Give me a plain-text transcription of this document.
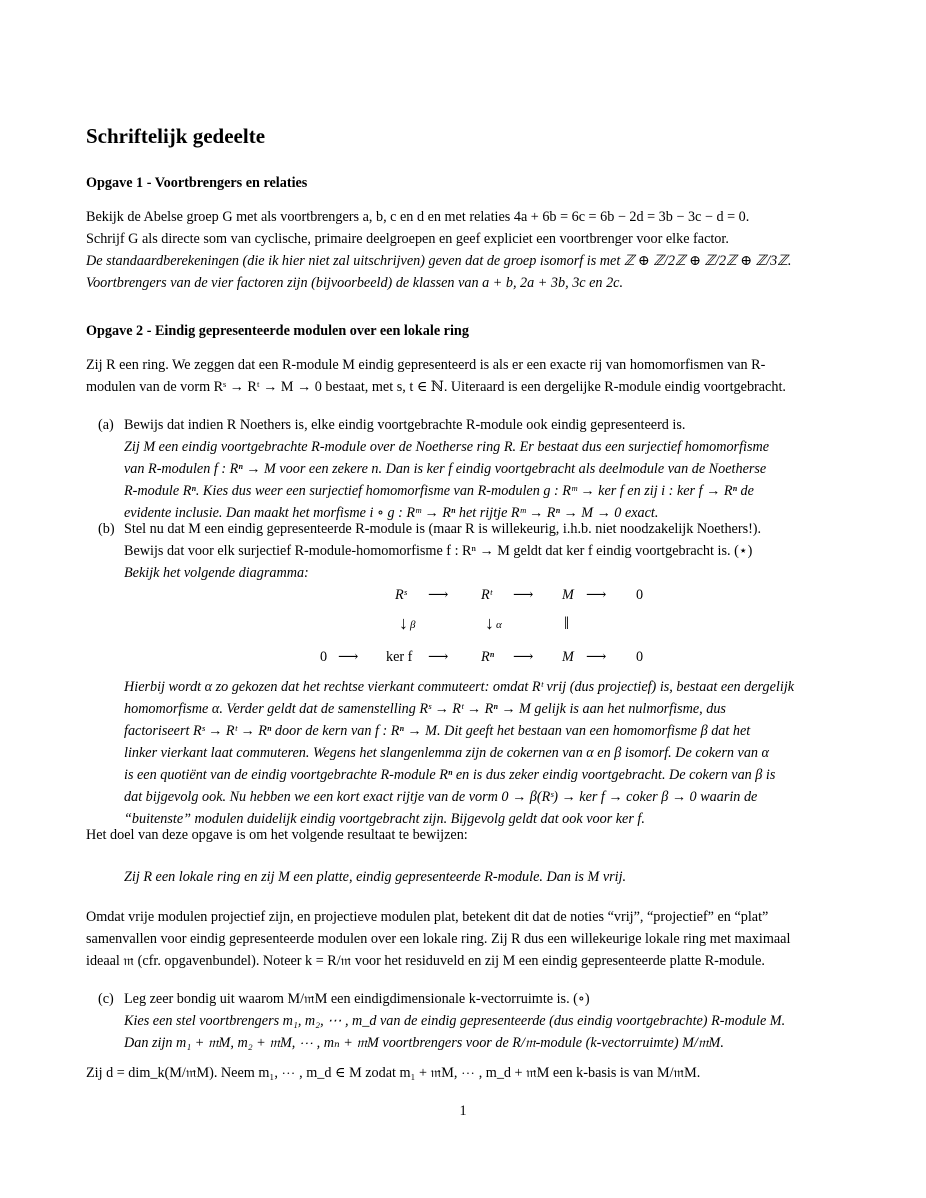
Schriftelijk gedeelte
Opgave 1 - Voortbrengers en relaties
Bekijk de Abelse groep G met als voortbrengers a, b, c en d en met relaties 4a + 6b = 6c = 6b − 2d = 3b − 3c − d = 0.
Schrijf G als directe som van cyclische, primaire deelgroepen en geef expliciet een voortbrenger voor elke factor.
De standaardberekeningen (die ik hier niet zal uitschrijven) geven dat de groep isomorf is met ℤ ⊕ ℤ/2ℤ ⊕ ℤ/2ℤ ⊕ ℤ/3ℤ.
Voortbrengers van de vier factoren zijn (bijvoorbeeld) de klassen van a + b, 2a + 3b, 3c en 2c.
Opgave 2 - Eindig gepresenteerde modulen over een lokale ring
Zij R een ring. We zeggen dat een R-module M eindig gepresenteerd is als er een exacte rij van homomorfismen van R-
modulen van de vorm Rˢ → Rᵗ → M → 0 bestaat, met s, t ∈ ℕ. Uiteraard is een dergelijke R-module eindig voortgebracht.
(a) Bewijs dat indien R Noethers is, elke eindig voortgebrachte R-module ook eindig gepresenteerd is.
Zij M een eindig voortgebrachte R-module over de Noetherse ring R. Er bestaat dus een surjectief homomorfisme
van R-modulen f : Rⁿ → M voor een zekere n. Dan is ker f eindig voortgebracht als deelmodule van de Noetherse
R-module Rⁿ. Kies dus weer een surjectief homomorfisme van R-modulen g : Rᵐ → ker f en zij i : ker f → Rⁿ de
evidente inclusie. Dan maakt het morfisme i ∘ g : Rᵐ → Rⁿ het rijtje Rᵐ → Rⁿ → M → 0 exact.
(b) Stel nu dat M een eindig gepresenteerde R-module is (maar R is willekeurig, i.h.b. niet noodzakelijk Noethers!).
Bewijs dat voor elk surjectief R-module-homomorfisme f : Rⁿ → M geldt dat ker f eindig voortgebracht is. (⋆)
Bekijk het volgende diagramma:
Rˢ ⟶ Rᵗ ⟶ M ⟶ 0
↓ β	↓ α	‖
0 ⟶ ker f ⟶ Rⁿ ⟶ M ⟶ 0
Hierbij wordt α zo gekozen dat het rechtse vierkant commuteert: omdat Rᵗ vrij (dus projectief) is, bestaat een dergelijk
homomorfisme α. Verder geldt dat de samenstelling Rˢ → Rᵗ → Rⁿ → M gelijk is aan het nulmorfisme, dus
factoriseert Rˢ → Rᵗ → Rⁿ door de kern van f : Rⁿ → M. Dit geeft het bestaan van een homomorfisme β dat het
linker vierkant laat commuteren. Wegens het slangenlemma zijn de cokernen van α en β isomorf. De cokern van α
is een quotiënt van de eindig voortgebrachte R-module Rⁿ en is dus zeker eindig voortgebracht. De cokern van β is
dat bijgevolg ook. Nu hebben we een kort exact rijtje van de vorm 0 → β(Rˢ) → ker f → coker β → 0 waarin de
“buitenste” modulen duidelijk eindig voortgebracht zijn. Bijgevolg geldt dat ook voor ker f.
Het doel van deze opgave is om het volgende resultaat te bewijzen:
Zij R een lokale ring en zij M een platte, eindig gepresenteerde R-module. Dan is M vrij.
Omdat vrije modulen projectief zijn, en projectieve modulen plat, betekent dit dat de noties “vrij”, “projectief” en “plat”
samenvallen voor eindig gepresenteerde modulen over een lokale ring. Zij R dus een willekeurige lokale ring met maximaal
ideaal 𝔪 (cfr. opgavenbundel). Noteer k = R/𝔪 voor het residuveld en zij M een eindig gepresenteerde platte R-module.
(c) Leg zeer bondig uit waarom M/𝔪M een eindigdimensionale k-vectorruimte is. (∘)
Kies een stel voortbrengers m₁, m₂, ⋯ , m_d van de eindig gepresenteerde (dus eindig voortgebrachte) R-module M.
Dan zijn m₁ + 𝔪M, m₂ + 𝔪M, ⋯ , mₙ + 𝔪M voortbrengers voor de R/𝔪-module (k-vectorruimte) M/𝔪M.
Zij d = dim_k(M/𝔪M). Neem m₁, ⋯ , m_d ∈ M zodat m₁ + 𝔪M, ⋯ , m_d + 𝔪M een k-basis is van M/𝔪M.
1
